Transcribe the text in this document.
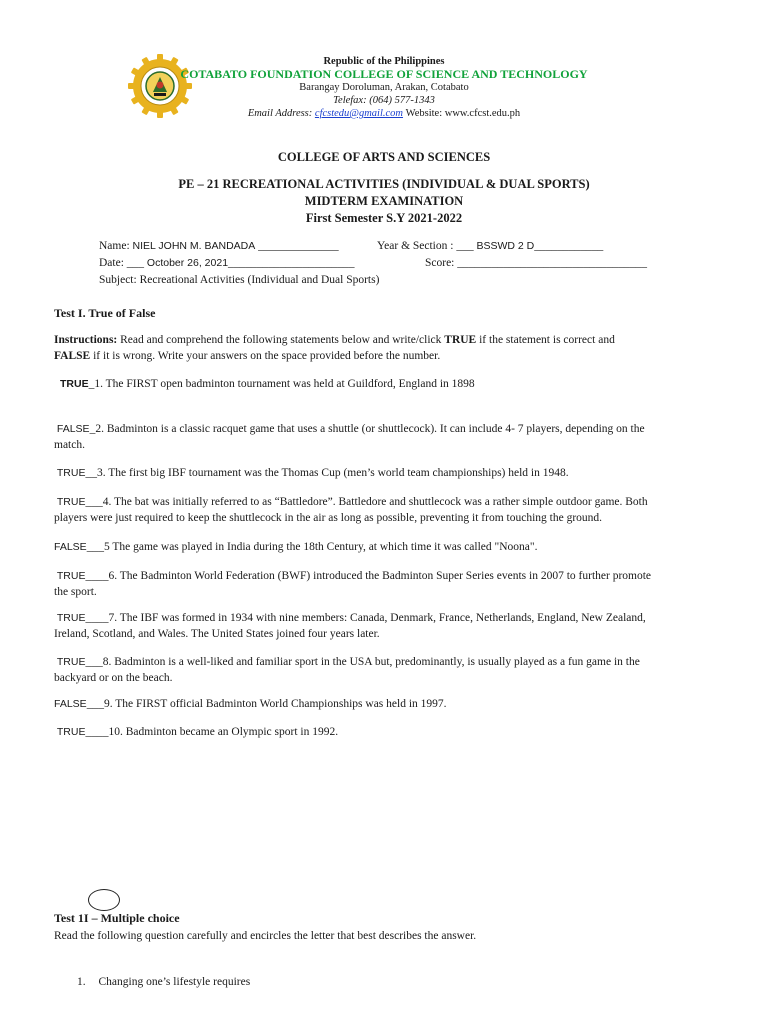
Republic of the Philippines
COTABATO FOUNDATION COLLEGE OF SCIENCE AND TECHNOLOGY
Barangay Doroluman, Arakan, Cotabato
Telefax: (064) 577-1343
Email Address: cfcstedu@gmail.com Website: www.cfcst.edu.ph
COLLEGE OF ARTS AND SCIENCES
PE – 21 RECREATIONAL ACTIVITIES (INDIVIDUAL & DUAL SPORTS)
MIDTERM EXAMINATION
First Semester S.Y 2021-2022
Name: NIEL JOHN M. BANDADA ______________	Year & Section : ___ BSSWD 2 D____________
Date: ___ October 26, 2021______________________	Score: _________________________________
Subject: Recreational Activities (Individual and Dual Sports)
Test I. True of False
Instructions: Read and comprehend the following statements below and write/click TRUE if the statement is correct and
FALSE if it is wrong. Write your answers on the space provided before the number.
TRUE_1. The FIRST open badminton tournament was held at Guildford, England in 1898
FALSE_2. Badminton is a classic racquet game that uses a shuttle (or shuttlecock). It can include 4- 7 players, depending on the
match.
TRUE__3. The first big IBF tournament was the Thomas Cup (men’s world team championships) held in 1948.
TRUE___4. The bat was initially referred to as “Battledore”. Battledore and shuttlecock was a rather simple outdoor game. Both
players were just required to keep the shuttlecock in the air as long as possible, preventing it from touching the ground.
FALSE___5 The game was played in India during the 18th Century, at which time it was called "Noona".
TRUE____6. The Badminton World Federation (BWF) introduced the Badminton Super Series events in 2007 to further promote
the sport.
TRUE____7. The IBF was formed in 1934 with nine members: Canada, Denmark, France, Netherlands, England, New Zealand,
Ireland, Scotland, and Wales. The United States joined four years later.
TRUE___8. Badminton is a well-liked and familiar sport in the USA but, predominantly, is usually played as a fun game in the
backyard or on the beach.
FALSE___9. The FIRST official Badminton World Championships was held in 1997.
TRUE____10. Badminton became an Olympic sport in 1992.
Test 1I – Multiple choice
Read the following question carefully and encircles the letter that best describes the answer.
1. Changing one’s lifestyle requires
